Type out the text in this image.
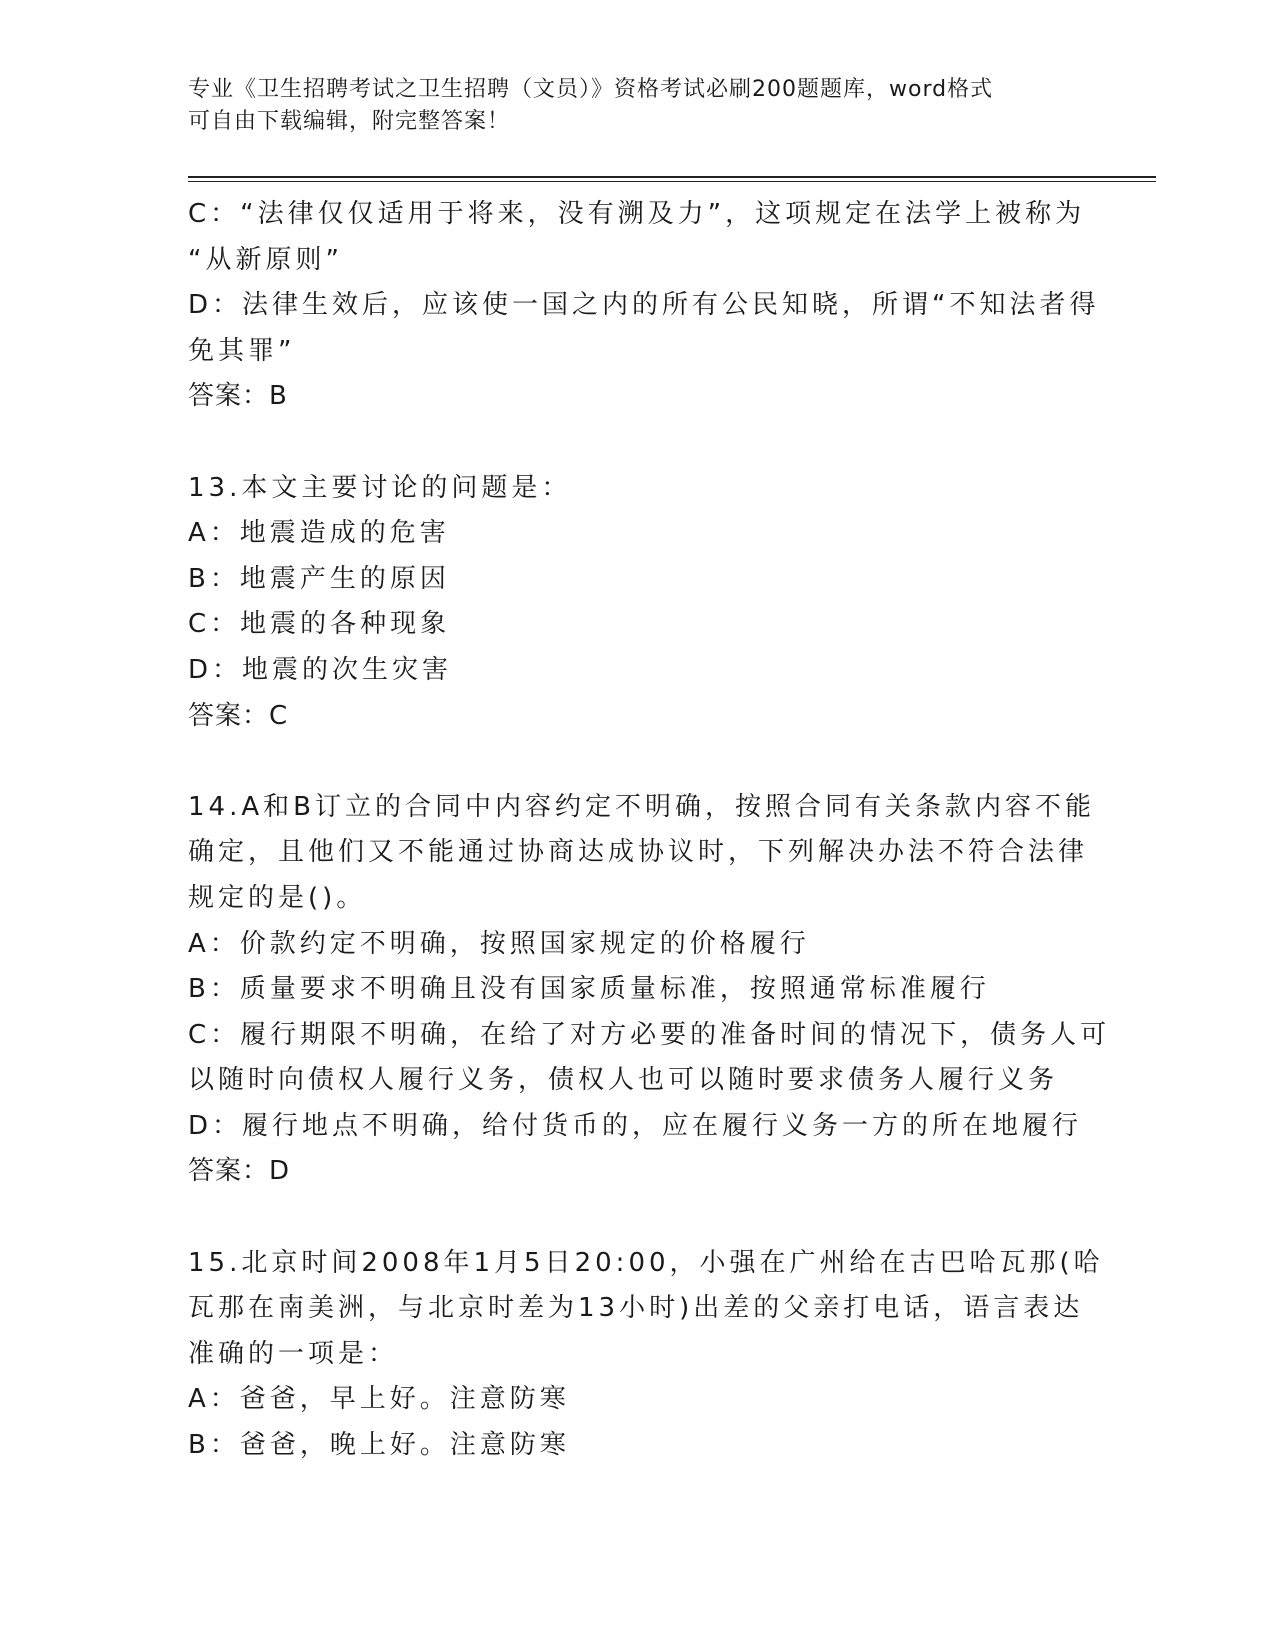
专业《卫生招聘考试之卫生招聘（文员）》资格考试必刷200题题库，word格式
可自由下载编辑，附完整答案！
C：“法律仅仅适用于将来，没有溯及力”，这项规定在法学上被称为
“从新原则”
D：法律生效后，应该使一国之内的所有公民知晓，所谓“不知法者得
免其罪”
答案：B
13.本文主要讨论的问题是：
A：地震造成的危害
B：地震产生的原因
C：地震的各种现象
D：地震的次生灾害
答案：C
14.A和B订立的合同中内容约定不明确，按照合同有关条款内容不能
确定，且他们又不能通过协商达成协议时，下列解决办法不符合法律
规定的是()。
A：价款约定不明确，按照国家规定的价格履行
B：质量要求不明确且没有国家质量标准，按照通常标准履行
C：履行期限不明确，在给了对方必要的准备时间的情况下，债务人可
以随时向债权人履行义务，债权人也可以随时要求债务人履行义务
D：履行地点不明确，给付货币的，应在履行义务一方的所在地履行
答案：D
15.北京时间2008年1月5日20:00，小强在广州给在古巴哈瓦那(哈
瓦那在南美洲，与北京时差为13小时)出差的父亲打电话，语言表达
准确的一项是：
A：爸爸，早上好。注意防寒
B：爸爸，晚上好。注意防寒
